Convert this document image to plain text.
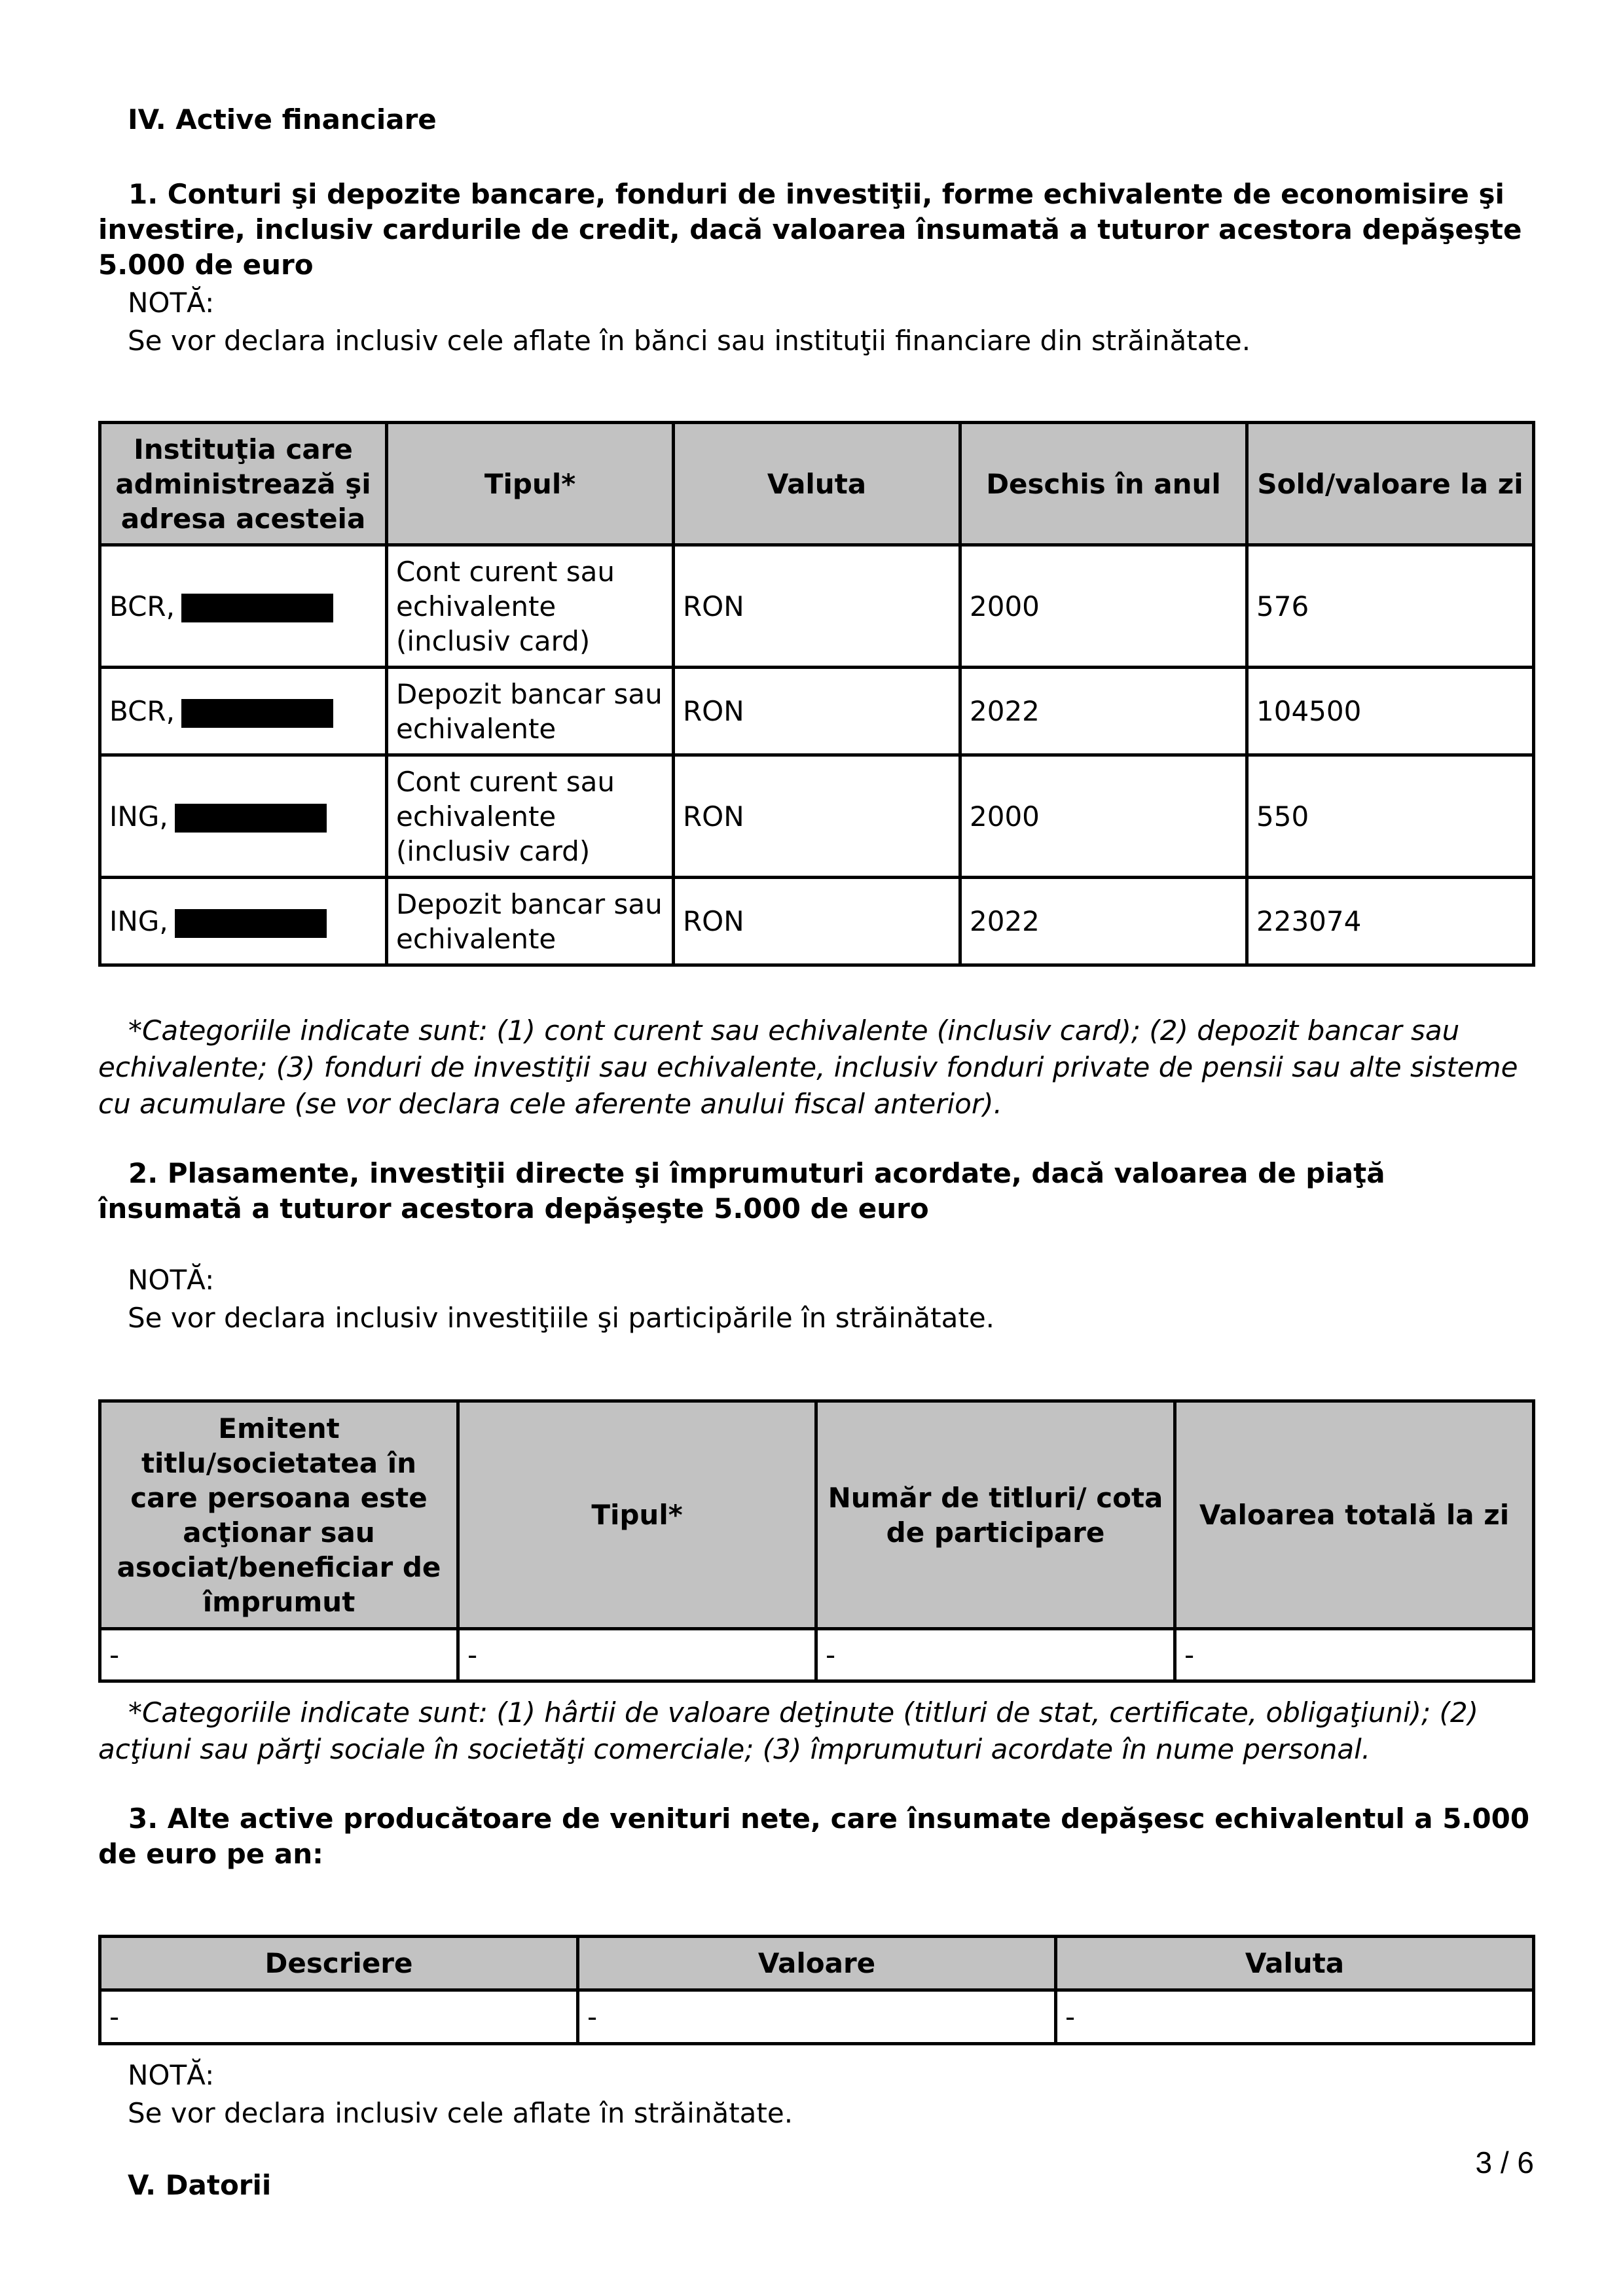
IV. Active financiare
1. Conturi şi depozite bancare, fonduri de investiţii, forme echivalente de economisire şi investire, inclusiv cardurile de credit, dacă valoarea însumată a tuturor acestora depăşeşte 5.000 de euro
NOTĂ:
Se vor declara inclusiv cele aflate în bănci sau instituţii financiare din străinătate.
Instituţia care administrează şi adresa acesteia	Tipul*	Valuta	Deschis în anul	Sold/valoare la zi
BCR,	Cont curent sau echivalente (inclusiv card)	RON	2000	576
BCR,	Depozit bancar sau echivalente	RON	2022	104500
ING,	Cont curent sau echivalente (inclusiv card)	RON	2000	550
ING,	Depozit bancar sau echivalente	RON	2022	223074
*Categoriile indicate sunt: (1) cont curent sau echivalente (inclusiv card); (2) depozit bancar sau echivalente; (3) fonduri de investiţii sau echivalente, inclusiv fonduri private de pensii sau alte sisteme cu acumulare (se vor declara cele aferente anului fiscal anterior).
2. Plasamente, investiţii directe şi împrumuturi acordate, dacă valoarea de piaţă însumată a tuturor acestora depăşeşte 5.000 de euro
NOTĂ:
Se vor declara inclusiv investiţiile şi participările în străinătate.
Emitent titlu/societatea în care persoana este acţionar sau asociat/beneficiar de împrumut	Tipul*	Număr de titluri/ cota de participare	Valoarea totală la zi
-	-	-	-
*Categoriile indicate sunt: (1) hârtii de valoare deţinute (titluri de stat, certificate, obligaţiuni); (2) acţiuni sau părţi sociale în societăţi comerciale; (3) împrumuturi acordate în nume personal.
3. Alte active producătoare de venituri nete, care însumate depăşesc echivalentul a 5.000 de euro pe an:
Descriere	Valoare	Valuta
-	-	-
NOTĂ:
Se vor declara inclusiv cele aflate în străinătate.
V. Datorii
3 / 6
